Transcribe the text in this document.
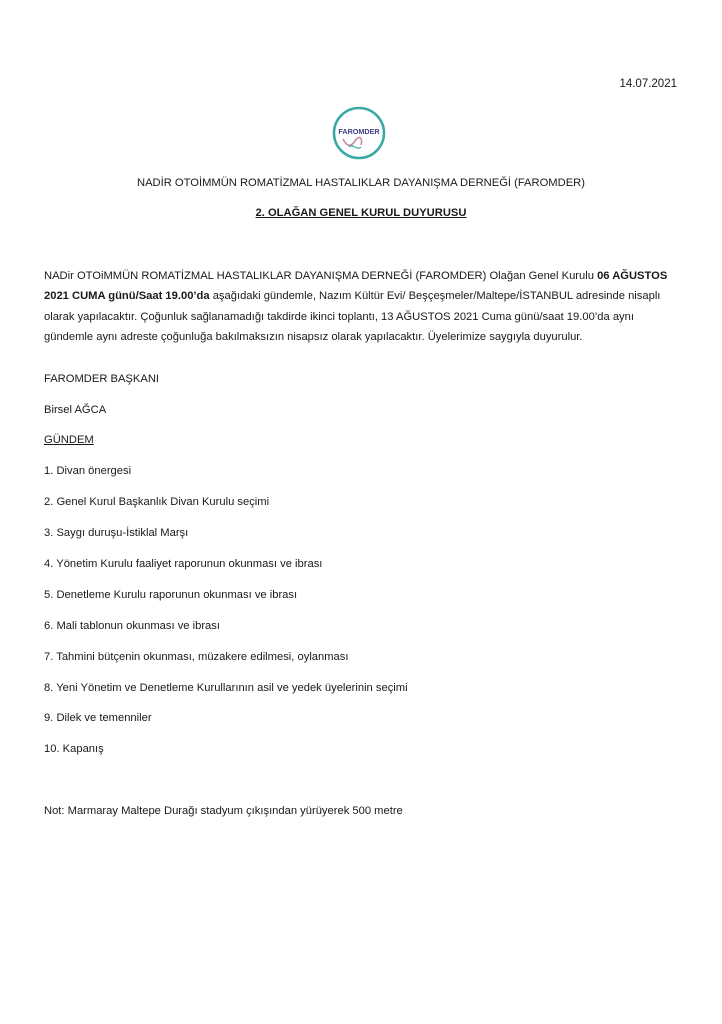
14.07.2021
FAROMDER
NADİR OTOİMMÜN ROMATİZMAL HASTALIKLAR DAYANIŞMA DERNEĞİ (FAROMDER)
2. OLAĞAN GENEL KURUL DUYURUSU
NADir OTOiMMÜN ROMATİZMAL HASTALIKLAR DAYANIŞMA DERNEĞİ (FAROMDER) Olağan Genel Kurulu 06 AĞUSTOS 2021 CUMA günü/Saat 19.00’da aşağıdaki gündemle, Nazım Kültür Evi/ Beşçeşmeler/Maltepe/İSTANBUL adresinde nisaplı olarak yapılacaktır. Çoğunluk sağlanamadığı takdirde ikinci toplantı, 13 AĞUSTOS 2021 Cuma günü/saat 19.00’da aynı gündemle aynı adreste çoğunluğa bakılmaksızın nisapsız olarak yapılacaktır. Üyelerimize saygıyla duyurulur.
FAROMDER BAŞKANI
Birsel AĞCA
GÜNDEM
1. Divan önergesi
2. Genel Kurul Başkanlık Divan Kurulu seçimi
3. Saygı duruşu-İstiklal Marşı
4. Yönetim Kurulu faaliyet raporunun okunması ve ibrası
5. Denetleme Kurulu raporunun okunması ve ibrası
6. Mali tablonun okunması ve ibrası
7. Tahmini bütçenin okunması, müzakere edilmesi, oylanması
8. Yeni Yönetim ve Denetleme Kurullarının asil ve yedek üyelerinin seçimi
9. Dilek ve temenniler
10. Kapanış
Not: Marmaray Maltepe Durağı stadyum çıkışından yürüyerek 500 metre
